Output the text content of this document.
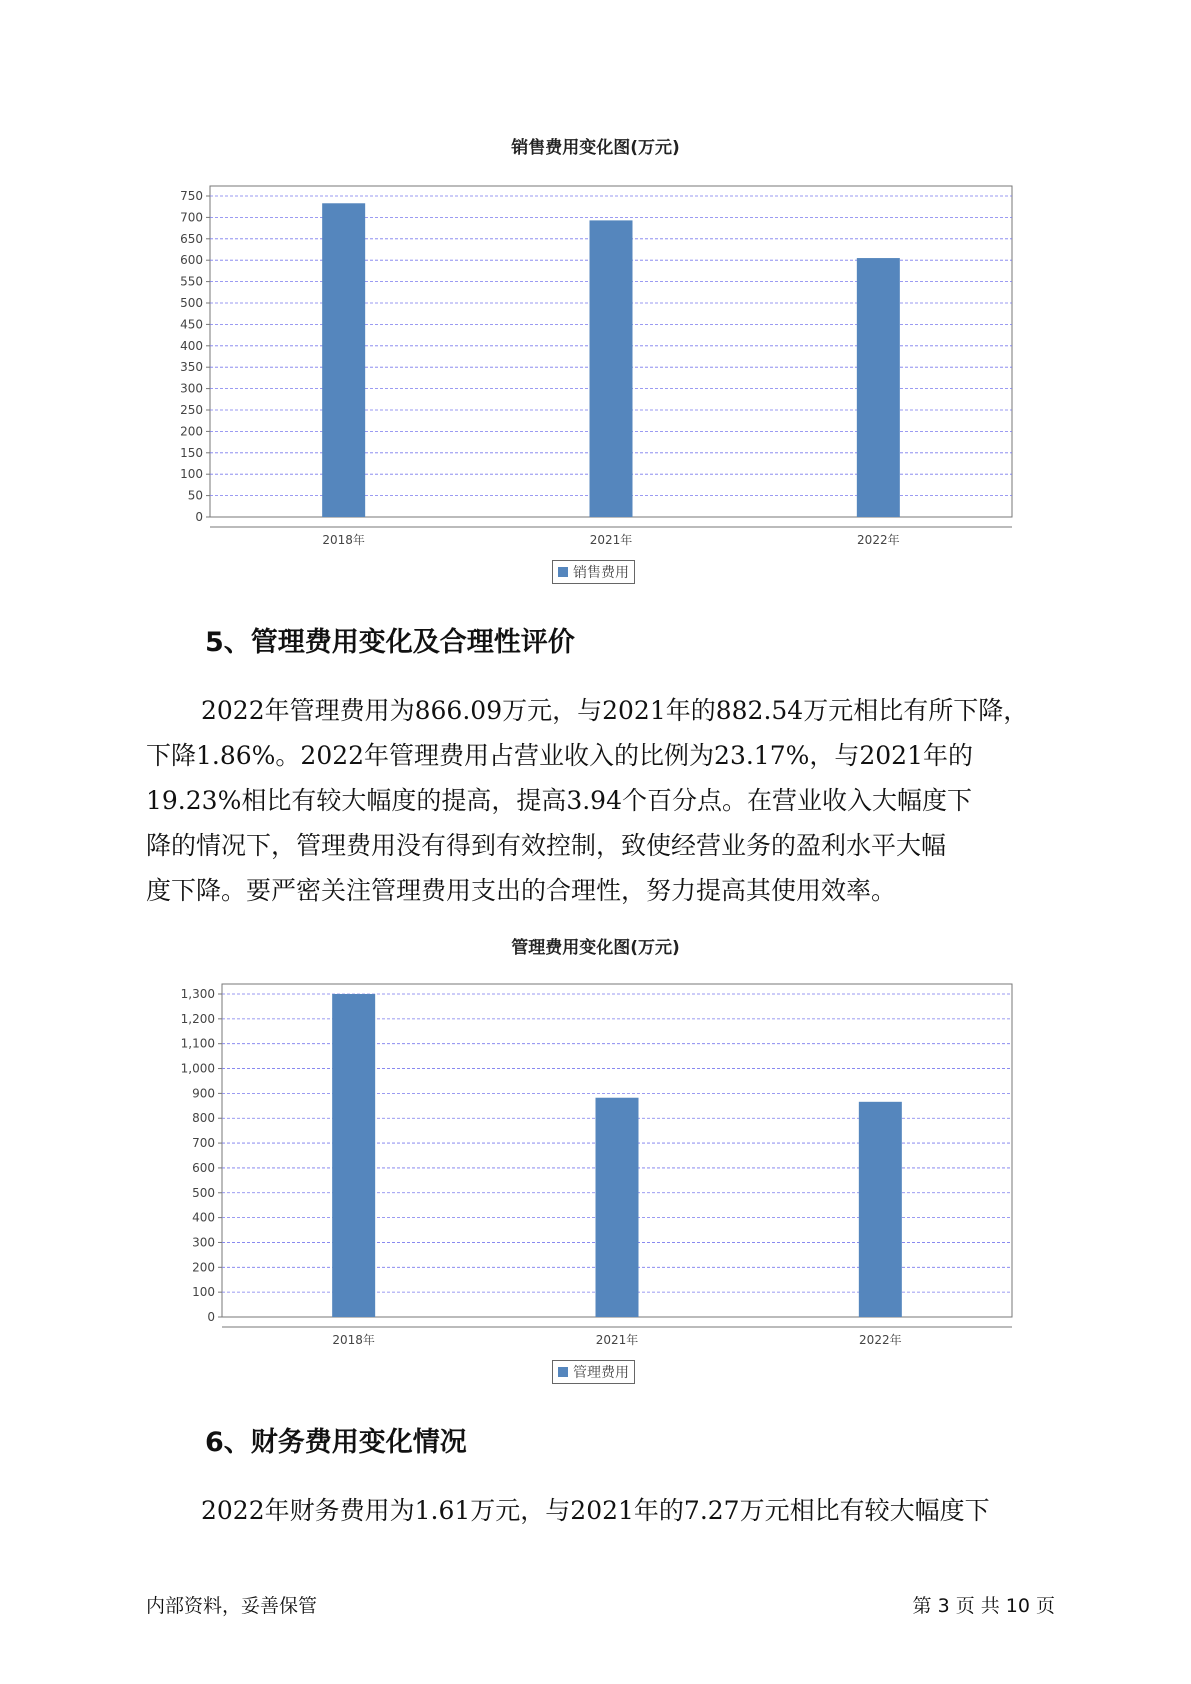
销售费用变化图(万元)
0
50
100
150
200
250
300
350
400
450
500
550
600
650
700
750
2018年	2021年	2022年
销售费用
5、管理费用变化及合理性评价
2022年管理费用为866.09万元，与2021年的882.54万元相比有所下降，
下降1.86%。2022年管理费用占营业收入的比例为23.17%，与2021年的
19.23%相比有较大幅度的提高，提高3.94个百分点。在营业收入大幅度下
降的情况下，管理费用没有得到有效控制，致使经营业务的盈利水平大幅
度下降。要严密关注管理费用支出的合理性，努力提高其使用效率。
管理费用变化图(万元)
0
100
200
300
400
500
600
700
800
900
1,000
1,100
1,200
1,300
2018年	2021年	2022年
管理费用
6、财务费用变化情况
2022年财务费用为1.61万元，与2021年的7.27万元相比有较大幅度下
内部资料，妥善保管	第 3 页 共 10 页
